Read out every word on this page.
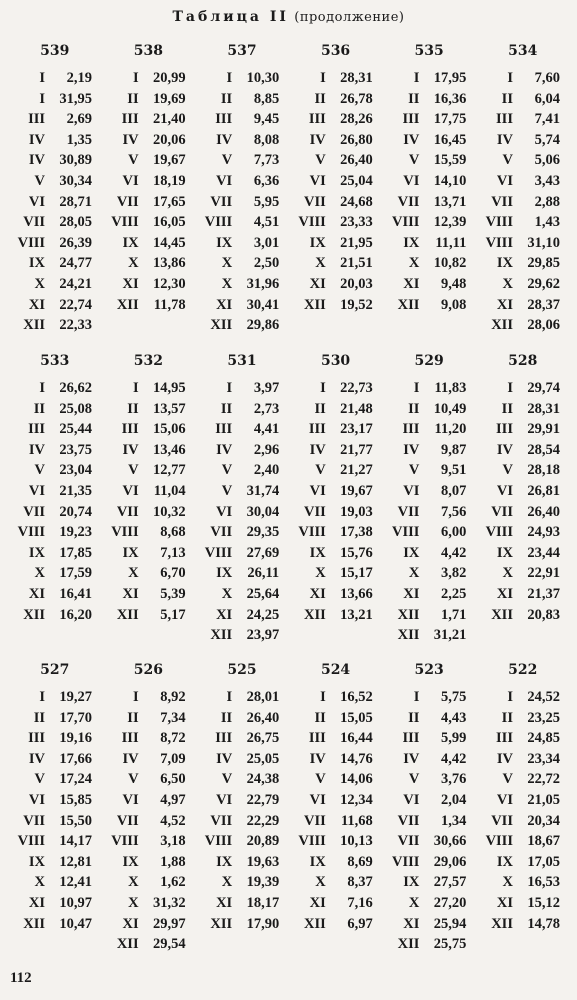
Таблица II (продолжение)
539
I	2,19
I 31,95
III	2,69
IV	1,35
IV 30,89
V 30,34
VI 28,71
VII 28,05
VIII 26,39
IX 24,77
X 24,21
XI 22,74
XII 22,33
538
I 20,99
II 19,69
III 21,40
IV 20,06
V 19,67
VI 18,19
VII 17,65
VIII 16,05
IX 14,45
X 13,86
XI 12,30
XII	11,78
537
I 10,30
II	8,85
III	9,45
IV	8,08
V	7,73
VI	6,36
VII	5,95
VIII	4,51
IX	3,01
X	2,50
X 31,96
XI 30,41
XII 29,86
536
I 28,31
II 26,78
III 28,26
IV 26,80
V 26,40
VI 25,04
VII 24,68
VIII 23,33
IX 21,95
X 21,51
XI 20,03
XII 19,52
535
I 17,95
II 16,36
III 17,75
IV 16,45
V 15,59
VI 14,10
VII 13,71
VIII 12,39
IX	11,11
X 10,82
XI	9,48
XII	9,08
534
I	7,60
II	6,04
III	7,41
IV	5,74
V	5,06
VI	3,43
VII	2,88
VIII	1,43
VIII 31,10
IX 29,85
X 29,62
XI 28,37
XII 28,06
533
I 26,62
II 25,08
III 25,44
IV 23,75
V 23,04
VI 21,35
VII 20,74
VIII 19,23
IX 17,85
X 17,59
XI 16,41
XII 16,20
532
I 14,95
II 13,57
III 15,06
IV 13,46
V 12,77
VI	11,04
VII 10,32
VIII	8,68
IX	7,13
X	6,70
XI	5,39
XII	5,17
531
I	3,97
II	2,73
III	4,41
IV	2,96
V	2,40
V 31,74
VI 30,04
VII 29,35
VIII 27,69
IX	26,11
X 25,64
XI 24,25
XII 23,97
530
I 22,73
II 21,48
III 23,17
IV 21,77
V 21,27
VI 19,67
VII 19,03
VIII 17,38
IX 15,76
X 15,17
XI 13,66
XII 13,21
529
I	11,83
II 10,49
III	11,20
IV	9,87
V	9,51
VI	8,07
VII	7,56
VIII	6,00
IX	4,42
X	3,82
XI	2,25
XII	1,71
XII 31,21
528
I 29,74
II 28,31
III 29,91
IV 28,54
V 28,18
VI 26,81
VII 26,40
VIII 24,93
IX 23,44
X 22,91
XI 21,37
XII 20,83
527
I 19,27
II 17,70
III 19,16
IV 17,66
V 17,24
VI 15,85
VII 15,50
VIII 14,17
IX 12,81
X 12,41
XI 10,97
XII 10,47
526
I	8,92
II	7,34
III	8,72
IV	7,09
V	6,50
VI	4,97
VII	4,52
VIII	3,18
IX	1,88
X	1,62
X 31,32
XI 29,97
XII 29,54
525
I 28,01
II 26,40
III 26,75
IV 25,05
V 24,38
VI 22,79
VII 22,29
VIII 20,89
IX 19,63
X 19,39
XI 18,17
XII 17,90
524
I 16,52
II 15,05
III 16,44
IV 14,76
V 14,06
VI 12,34
VII	11,68
VIII 10,13
IX	8,69
X	8,37
XI	7,16
XII	6,97
523
I	5,75
II	4,43
III	5,99
IV	4,42
V	3,76
VI	2,04
VII	1,34
VII 30,66
VIII 29,06
IX 27,57
X 27,20
XI 25,94
XII 25,75
522
I 24,52
II 23,25
III 24,85
IV 23,34
V 22,72
VI 21,05
VII 20,34
VIII 18,67
IX 17,05
X 16,53
XI 15,12
XII 14,78
112
